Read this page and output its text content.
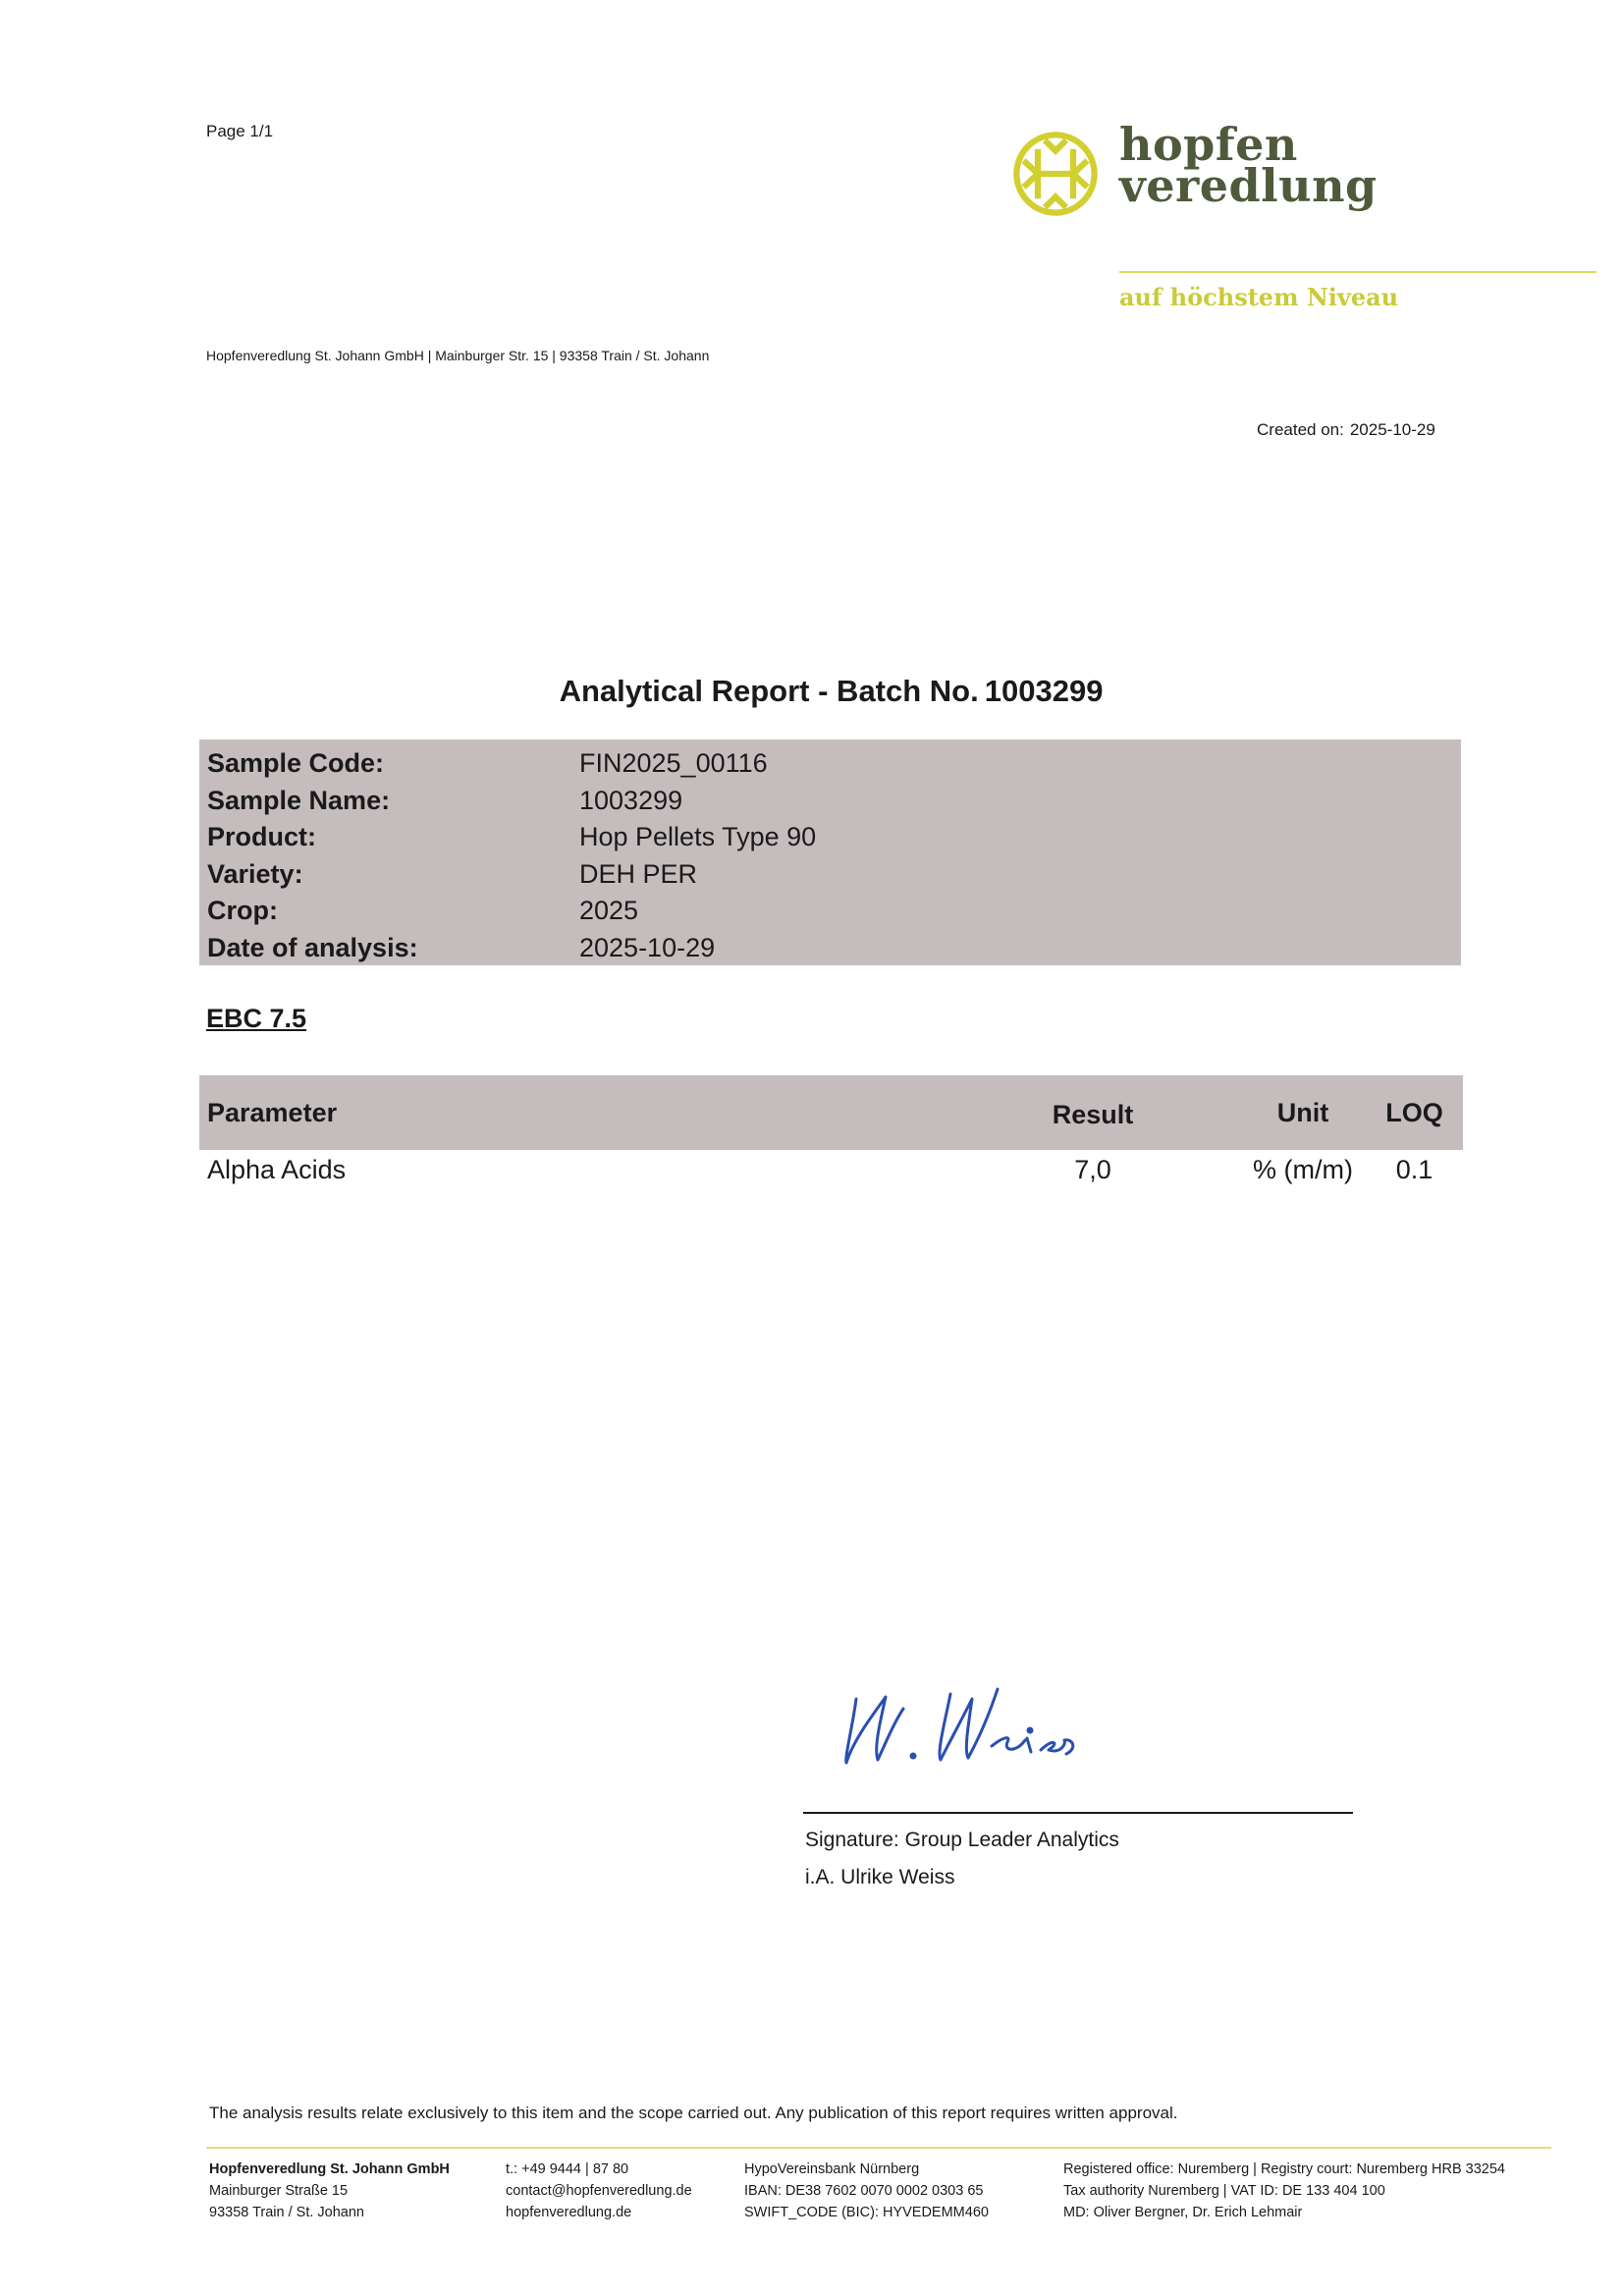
Page 1/1	hopfen
veredlung
auf höchstem Niveau
Hopfenveredlung St. Johann GmbH | Mainburger Str. 15 | 93358 Train / St. Johann
Created on: 2025-10-29
Analytical Report - Batch No. 1003299
Sample Code:	FIN2025_00116
Sample Name:	1003299
Product:	Hop Pellets Type 90
Variety:	DEH PER
Crop:	2025
Date of analysis:	2025-10-29
EBC 7.5
Parameter	Result	Unit	LOQ
Alpha Acids	7,0	% (m/m)	0.1
Signature: Group Leader Analytics
i.A. Ulrike Weiss
The analysis results relate exclusively to this item and the scope carried out. Any publication of this report requires written approval.
Hopfenveredlung St. Johann GmbH
Mainburger Straße 15
93358 Train / St. Johann
t.: +49 9444 | 87 80
contact@hopfenveredlung.de
hopfenveredlung.de
HypoVereinsbank Nürnberg
IBAN: DE38 7602 0070 0002 0303 65
SWIFT_CODE (BIC): HYVEDEMM460
Registered office: Nuremberg | Registry court: Nuremberg HRB 33254
Tax authority Nuremberg | VAT ID: DE 133 404 100
MD: Oliver Bergner, Dr. Erich Lehmair
